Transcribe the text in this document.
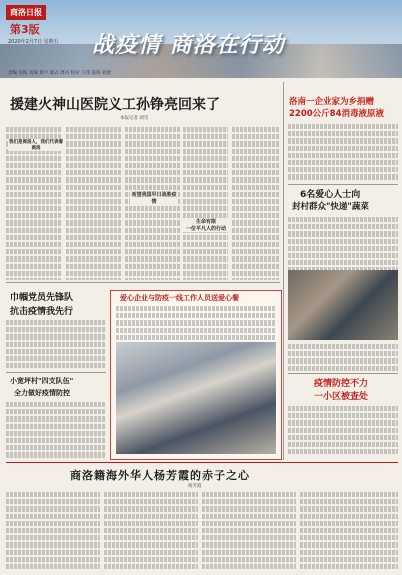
商洛日报
第3版
2020年2月7日 星期五 战疫情 商洛在行动
责编 何海 美编 黄卢 版式 周丹 校对 王伟 值班 刘捷
援建火神山医院义工孙铮亮回来了
本报记者 胡雪
我们是商洛人，我们代表着商洛
希望我国早日战胜疫情
生命有限
一位平凡人的行动
洛南一企业家为乡捐赠
2200公斤84消毒液原液
6名爱心人士向
封村群众"快递"蔬菜
疫情防控不力
一小区被查处
巾帼党员先锋队
抗击疫情我先行
小宽坪村"四支队伍"
全力做好疫情防控
爱心企业与防疫一线工作人员送爱心餐
商洛籍海外华人杨芳霞的赤子之心
杨芳霞
